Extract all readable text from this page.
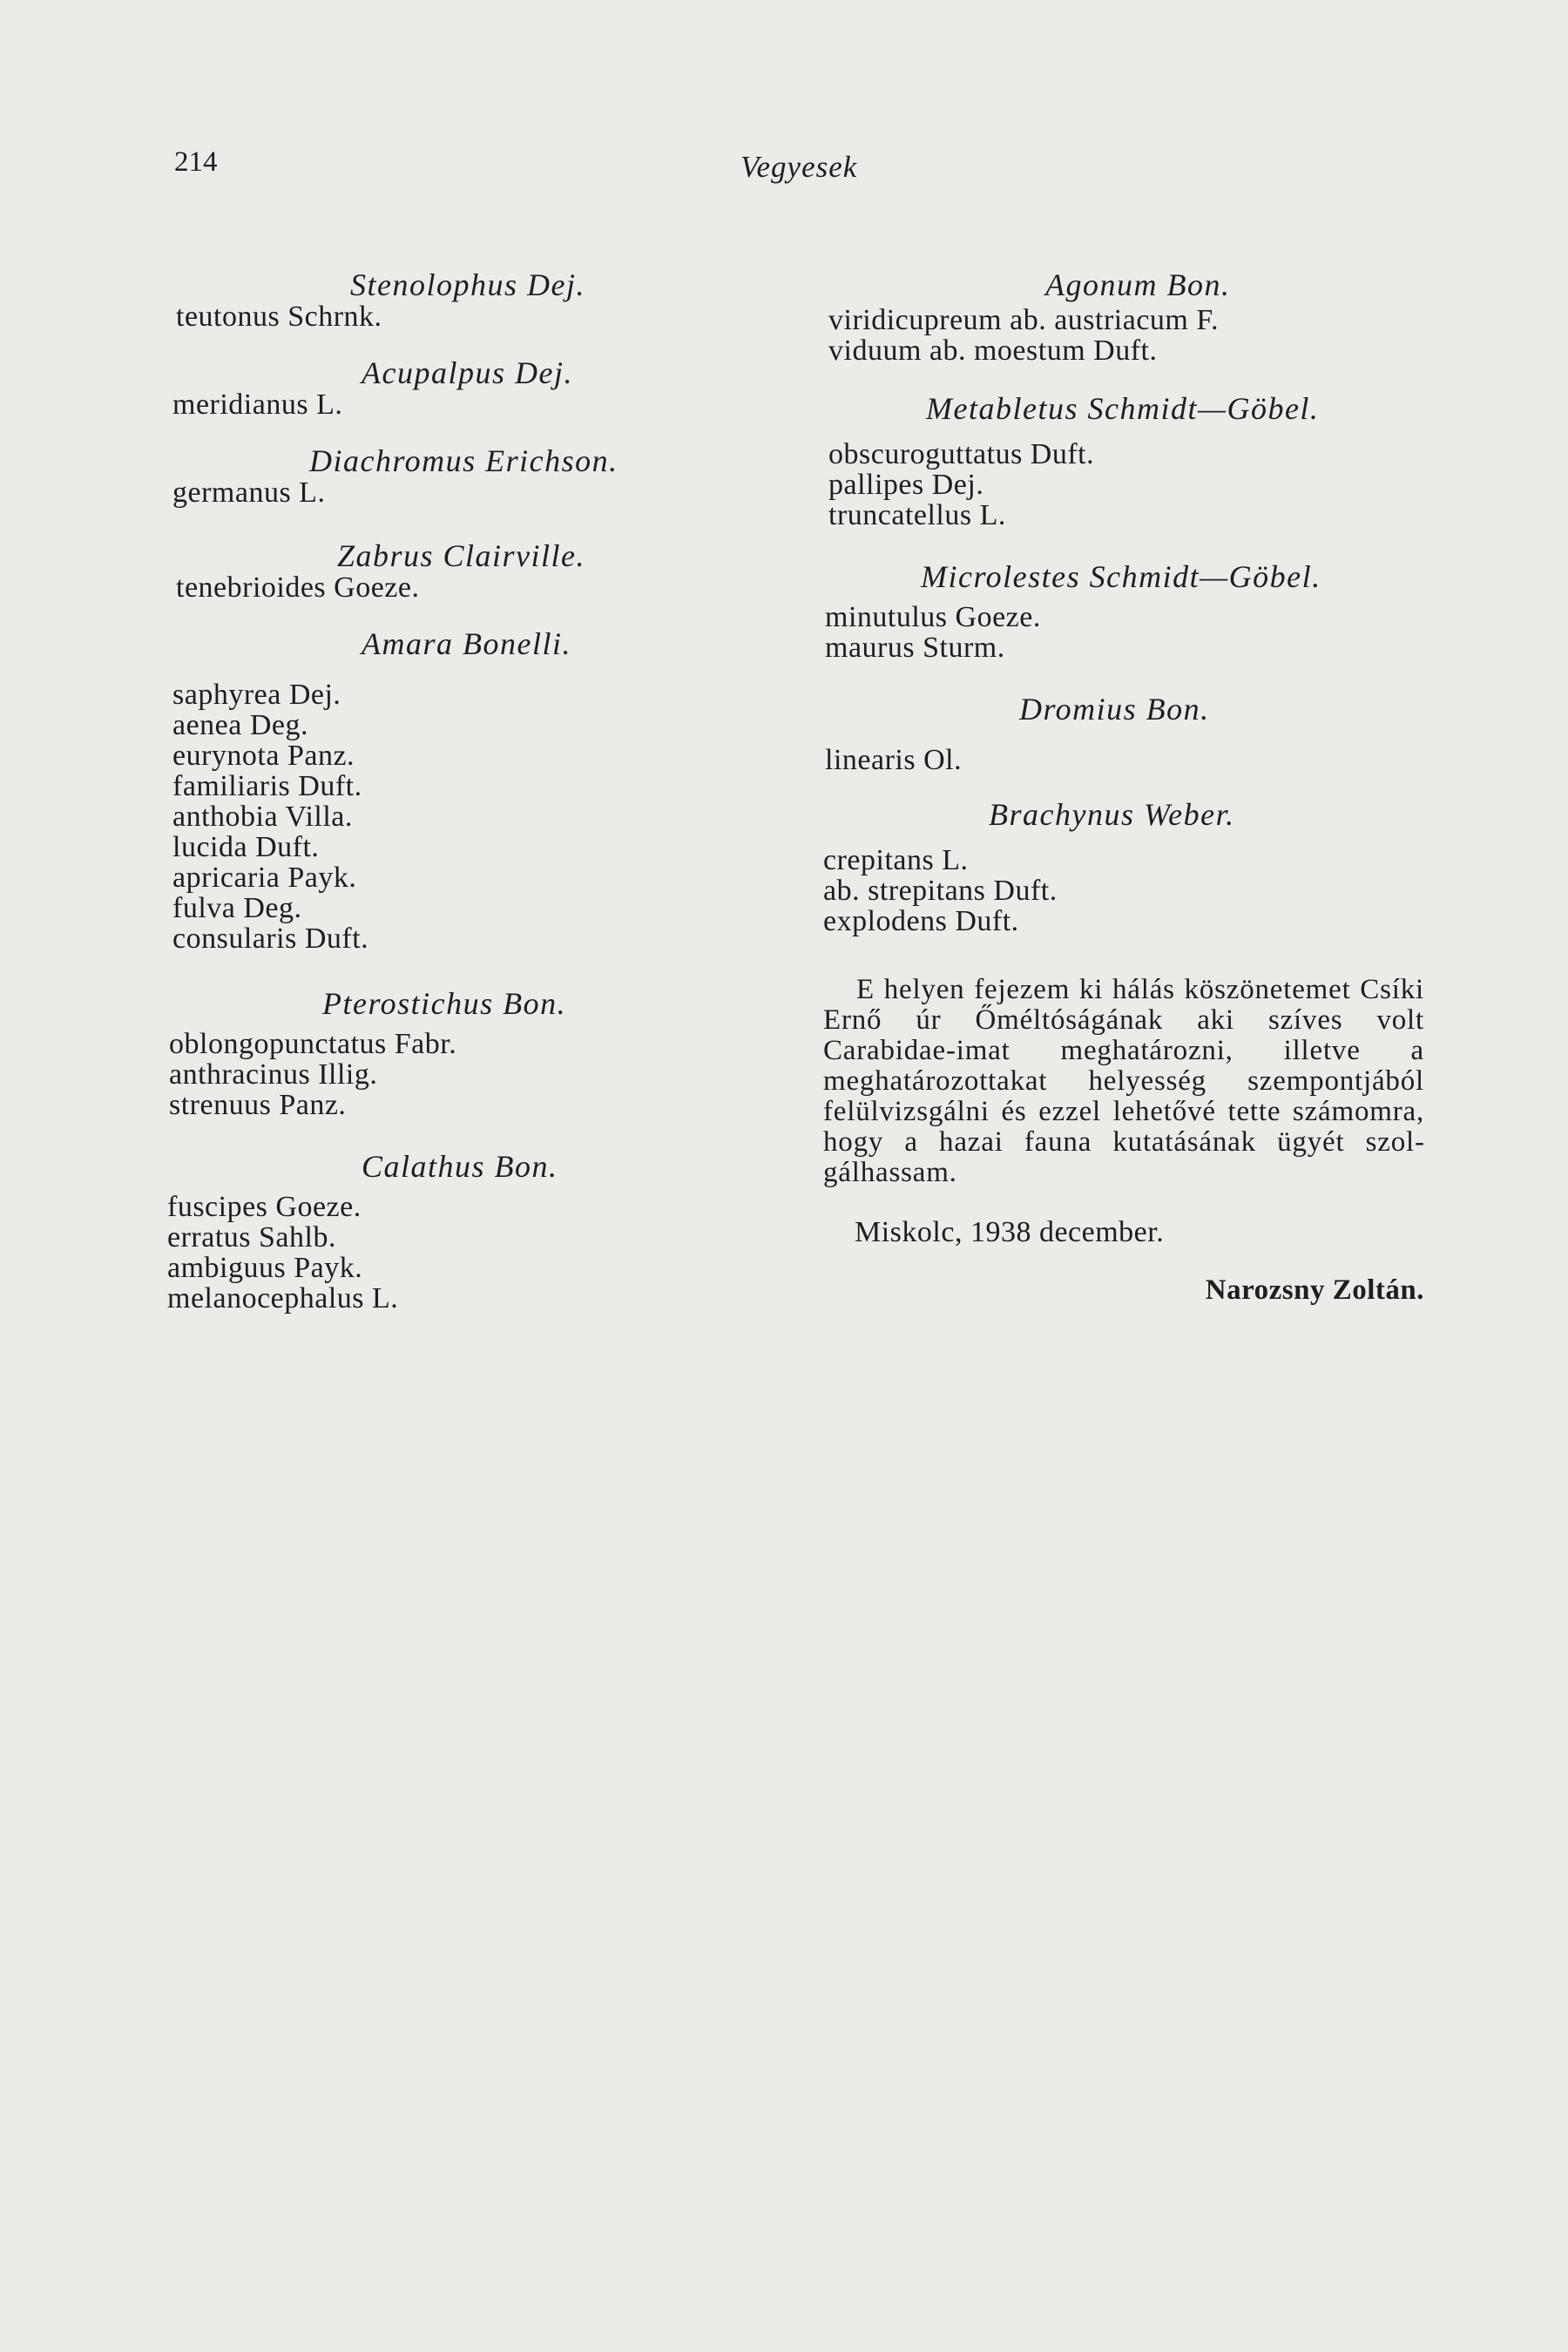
214	Vegyesek
Stenolophus Dej.
teutonus Schrnk.
Acupalpus Dej.
meridianus L.
Diachromus Erichson.
germanus L.
Zabrus Clairville.
tenebrioides Goeze.
Amara Bonelli.
saphyrea Dej.
aenea Deg.
eurynota Panz.
familiaris Duft.
anthobia Villa.
lucida Duft.
apricaria Payk.
fulva Deg.
consularis Duft.
Pterostichus Bon.
oblongopunctatus Fabr.
anthracinus Illig.
strenuus Panz.
Calathus Bon.
fuscipes Goeze.
erratus Sahlb.
ambiguus Payk.
melanocephalus L.
Agonum Bon.
viridicupreum ab. austriacum F.
viduum ab. moestum Duft.
Metabletus Schmidt—Göbel.
obscuroguttatus Duft.
pallipes Dej.
truncatellus L.
Microlestes Schmidt—Göbel.
minutulus Goeze.
maurus Sturm.
Dromius Bon.
linearis Ol.
Brachynus Weber.
crepitans L.
ab. strepitans Duft.
explodens Duft.

E helyen fejezem ki hálás köszönetemet Csíki Ernő úr Őméltóságának aki szíves volt Carabidae-imat meghatározni, illetve a meghatározottakat helyesség szempontjából felülvizsgálni és ezzel lehetővé tette számomra, hogy a hazai fauna kutatásának ügyét szolgálhassam.

Miskolc, 1938 december.
Narozsny Zoltán.
